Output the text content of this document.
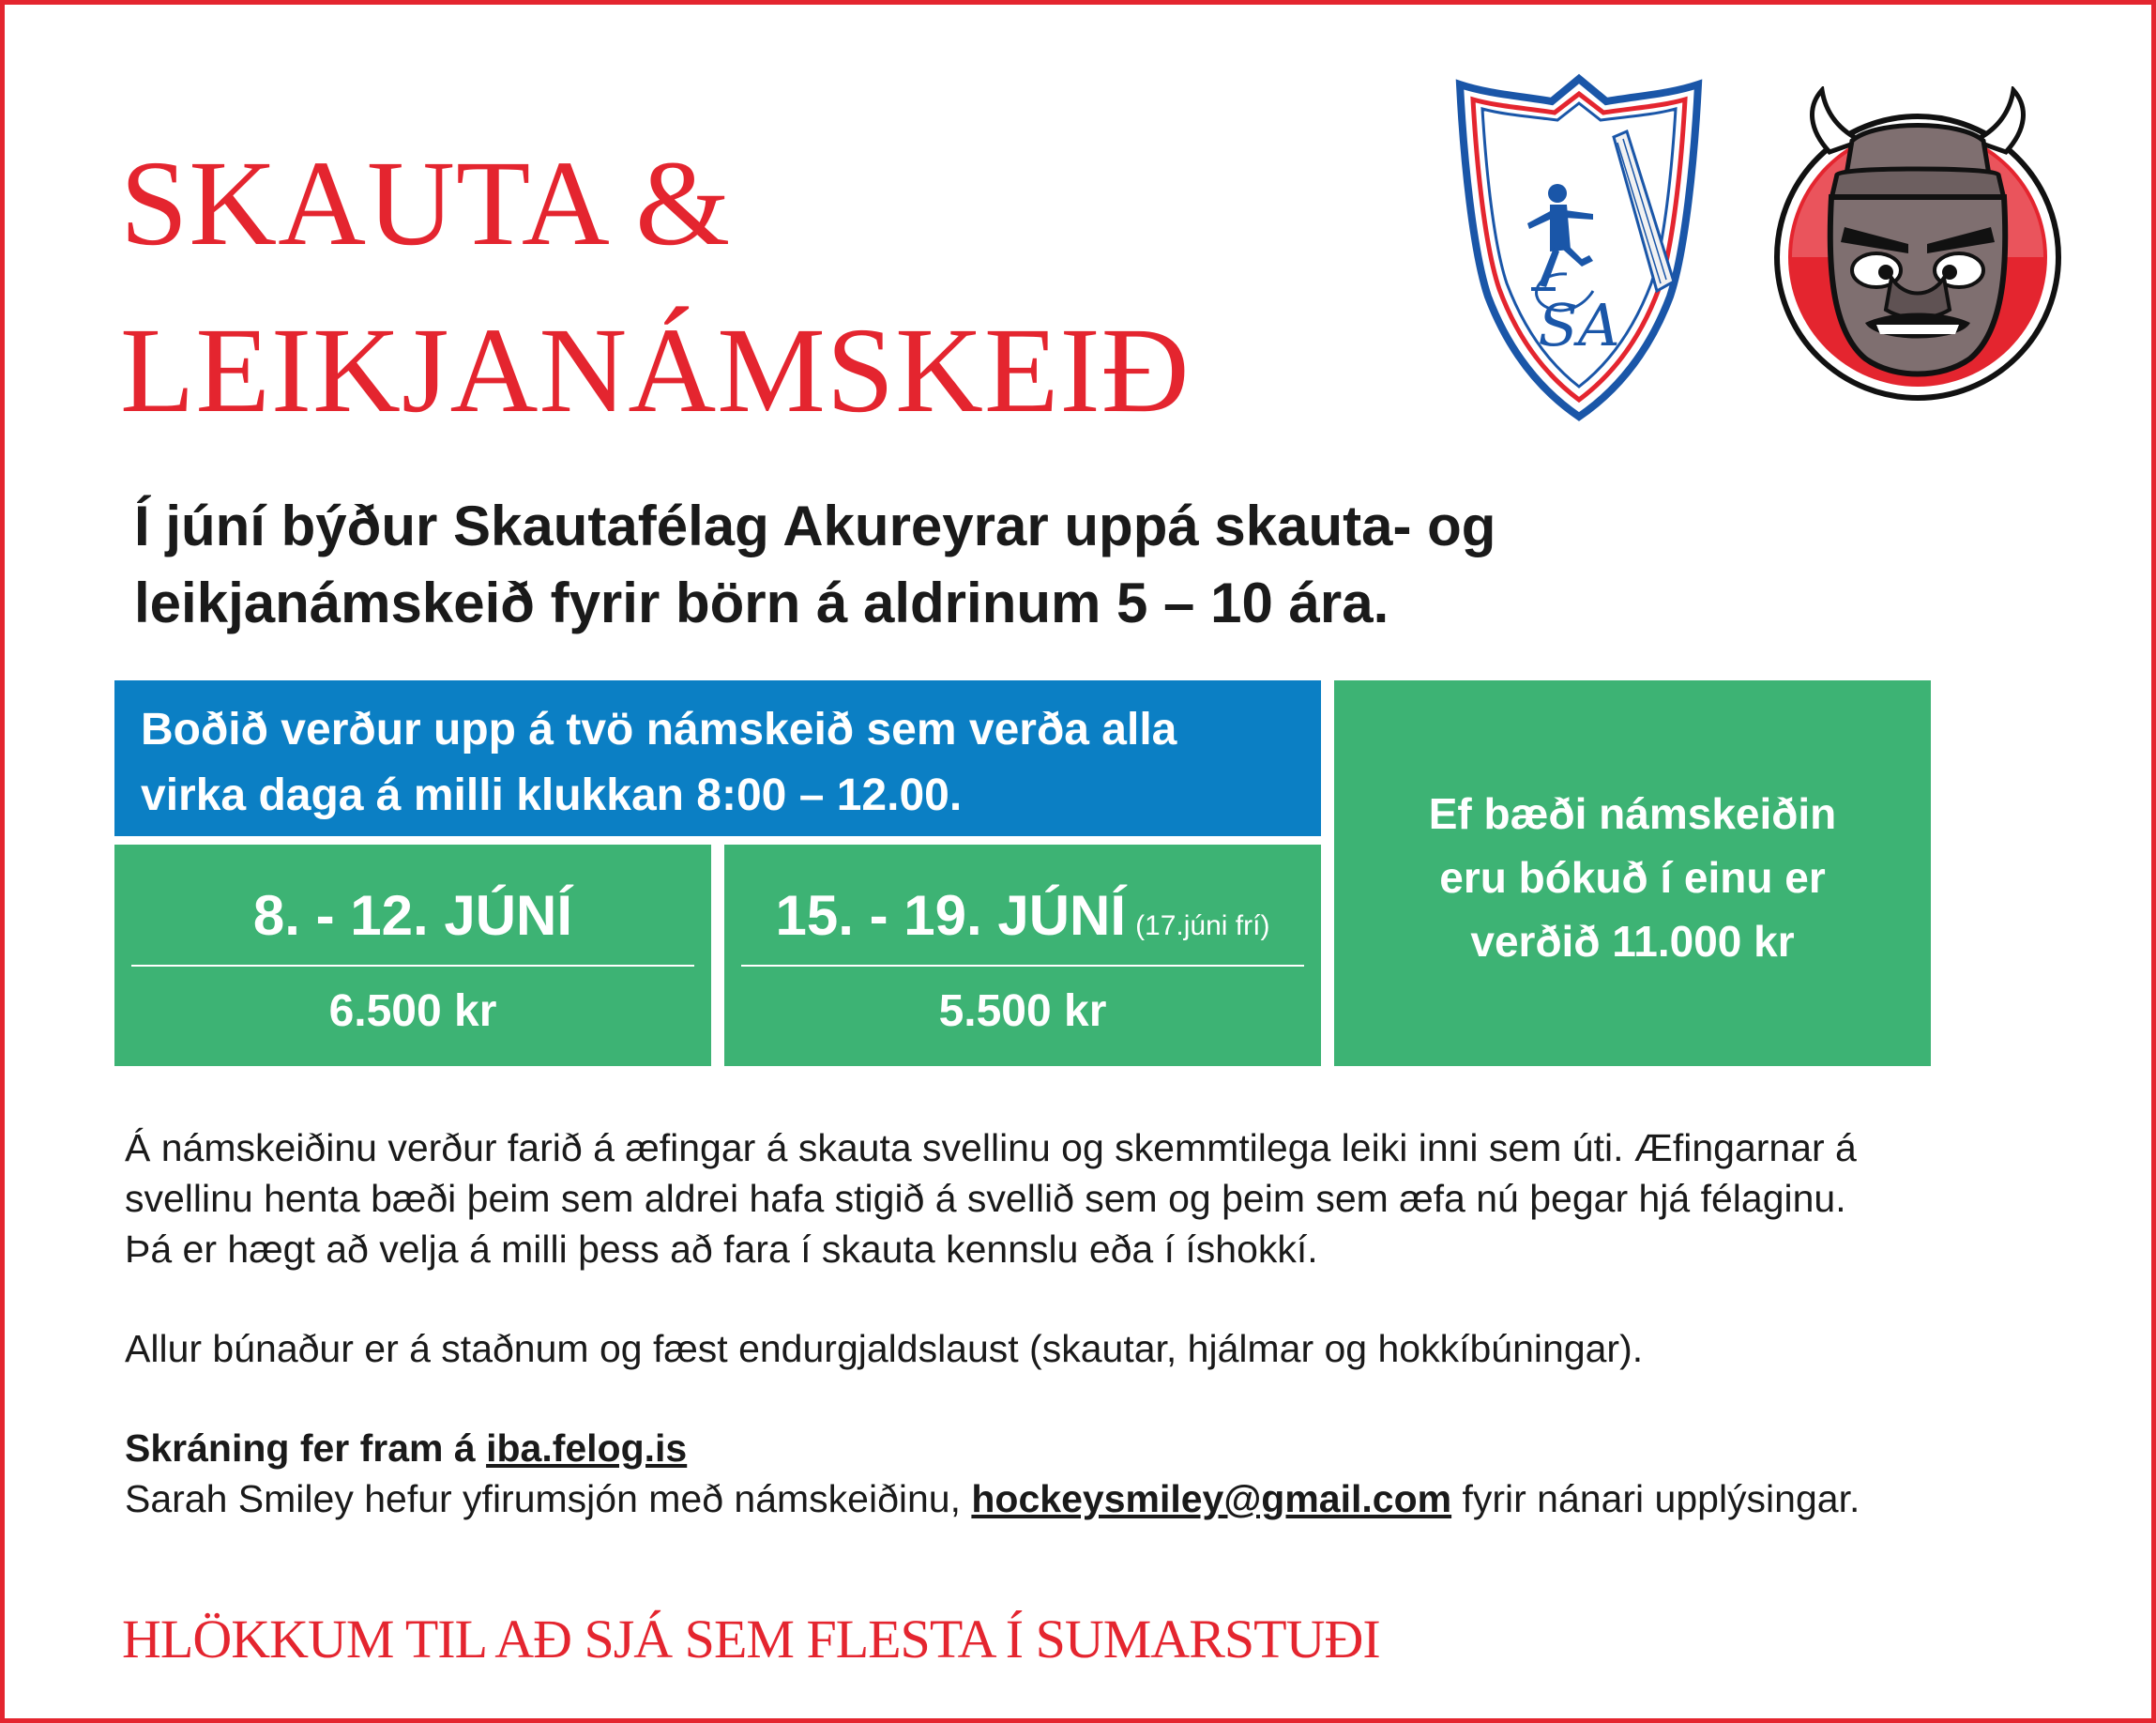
SKAUTA &
LEIKJANÁMSKEIÐ	SA

Í júní býður Skautafélag Akureyrar uppá skauta- og
leikjanámskeið fyrir börn á aldrinum 5 – 10 ára.

Boðið verður upp á tvö námskeið sem verða alla
virka daga á milli klukkan 8:00 – 12.00.	Ef bæði námskeiðin
eru bókuð í einu er
verðið 11.000 kr
8. - 12. JÚNÍ
6.500 kr
15. - 19. JÚNÍ (17.júni frí)
5.500 kr

Á námskeiðinu verður farið á æfingar á skauta svellinu og skemmtilega leiki inni sem úti. Æfingarnar á
svellinu henta bæði þeim sem aldrei hafa stigið á svellið sem og þeim sem æfa nú þegar hjá félaginu.
Þá er hægt að velja á milli þess að fara í skauta kennslu eða í íshokkí.

Allur búnaður er á staðnum og fæst endurgjaldslaust (skautar, hjálmar og hokkíbúningar).

Skráning fer fram á iba.felog.is

Sarah Smiley hefur yfirumsjón með námskeiðinu, hockeysmiley@gmail.com fyrir nánari upplýsingar.

HLÖKKUM TIL AÐ SJÁ SEM FLESTA Í SUMARSTUÐI
